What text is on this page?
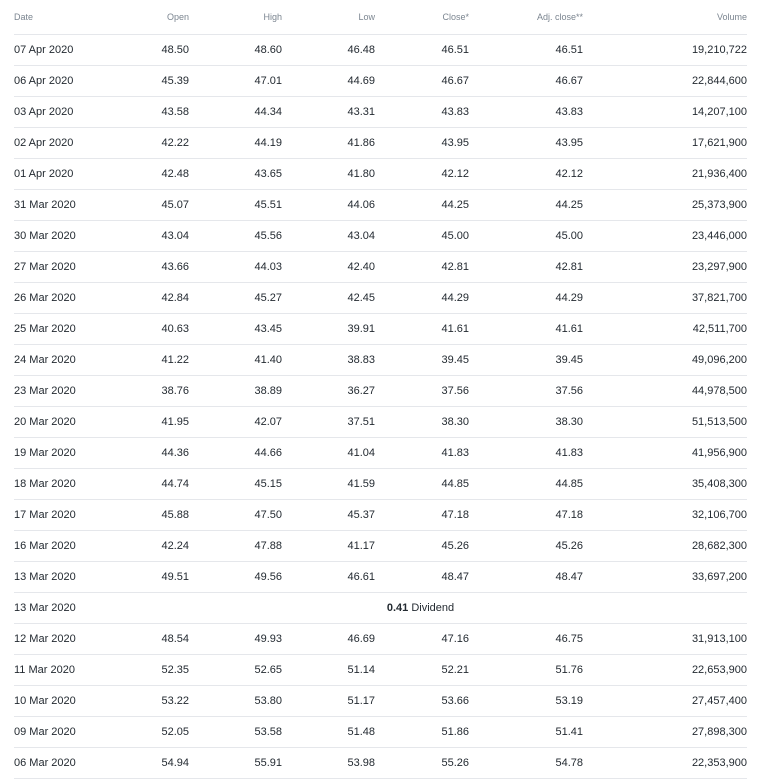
Date	Open	High	Low	Close*	Adj. close**	Volume
07 Apr 2020	48.50	48.60	46.48	46.51	46.51	19,210,722
06 Apr 2020	45.39	47.01	44.69	46.67	46.67	22,844,600
03 Apr 2020	43.58	44.34	43.31	43.83	43.83	14,207,100
02 Apr 2020	42.22	44.19	41.86	43.95	43.95	17,621,900
01 Apr 2020	42.48	43.65	41.80	42.12	42.12	21,936,400
31 Mar 2020	45.07	45.51	44.06	44.25	44.25	25,373,900
30 Mar 2020	43.04	45.56	43.04	45.00	45.00	23,446,000
27 Mar 2020	43.66	44.03	42.40	42.81	42.81	23,297,900
26 Mar 2020	42.84	45.27	42.45	44.29	44.29	37,821,700
25 Mar 2020	40.63	43.45	39.91	41.61	41.61	42,511,700
24 Mar 2020	41.22	41.40	38.83	39.45	39.45	49,096,200
23 Mar 2020	38.76	38.89	36.27	37.56	37.56	44,978,500
20 Mar 2020	41.95	42.07	37.51	38.30	38.30	51,513,500
19 Mar 2020	44.36	44.66	41.04	41.83	41.83	41,956,900
18 Mar 2020	44.74	45.15	41.59	44.85	44.85	35,408,300
17 Mar 2020	45.88	47.50	45.37	47.18	47.18	32,106,700
16 Mar 2020	42.24	47.88	41.17	45.26	45.26	28,682,300
13 Mar 2020	49.51	49.56	46.61	48.47	48.47	33,697,200
13 Mar 2020	0.41 Dividend					
12 Mar 2020	48.54	49.93	46.69	47.16	46.75	31,913,100
11 Mar 2020	52.35	52.65	51.14	52.21	51.76	22,653,900
10 Mar 2020	53.22	53.80	51.17	53.66	53.19	27,457,400
09 Mar 2020	52.05	53.58	51.48	51.86	51.41	27,898,300
06 Mar 2020	54.94	55.91	53.98	55.26	54.78	22,353,900
